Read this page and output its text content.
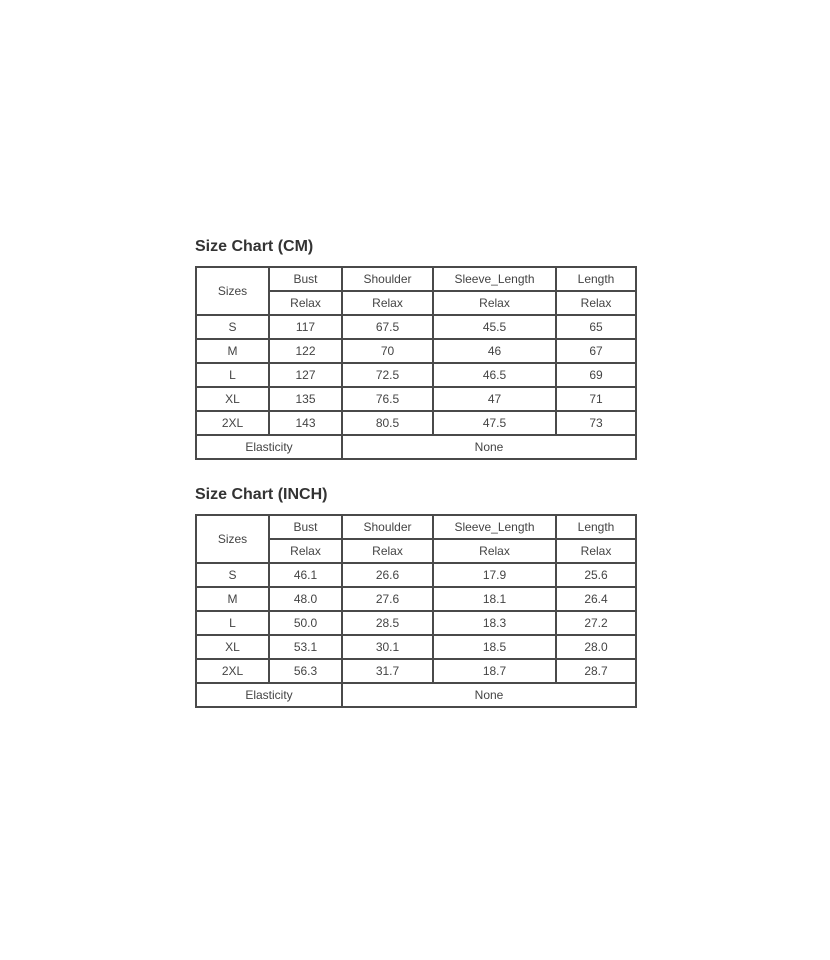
Size Chart (CM)
Sizes	Bust	Shoulder	Sleeve_Length	Length
	Relax	Relax	Relax	Relax
S	117	67.5	45.5	65
M	122	70	46	67
L	127	72.5	46.5	69
XL	135	76.5	47	71
2XL	143	80.5	47.5	73
Elasticity		None		
Size Chart (INCH)
Sizes	Bust	Shoulder	Sleeve_Length	Length
	Relax	Relax	Relax	Relax
S	46.1	26.6	17.9	25.6
M	48.0	27.6	18.1	26.4
L	50.0	28.5	18.3	27.2
XL	53.1	30.1	18.5	28.0
2XL	56.3	31.7	18.7	28.7
Elasticity		None		
